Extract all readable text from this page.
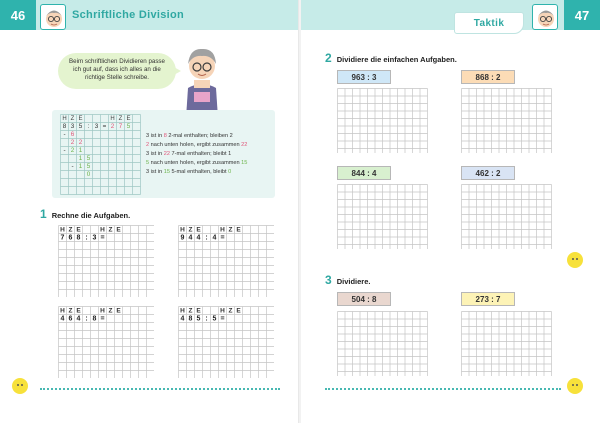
46	Schriftliche Division
Beim schriftlichen Dividieren passe ich gut auf, dass ich alles an die richtige Stelle schreibe.
H Z E	H Z E
8 3 5 : 3 = 2 7 5
- 6
2 2
- 2 1
1 5
- 1 5
0
3 ist in 8 2-mal enthalten; bleiben 2
2 nach unten holen, ergibt zusammen 22
3 ist in 22 7-mal enthalten; bleibt 1
5 nach unten holen, ergibt zusammen 15
3 ist in 15 5-mal enthalten, bleibt 0
1 Rechne die Aufgaben.
H Z E	H Z E
7 6 8 : 3 =
H Z E	H Z E
9 4 4 : 4 =
H Z E	H Z E
4 6 4 : 8 =
H Z E	H Z E
4 8 5 : 5 =
47
Taktik
2 Dividiere die einfachen Aufgaben.
963 : 3	868 : 2
844 : 4	462 : 2
3 Dividiere.
504 : 8	273 : 7
